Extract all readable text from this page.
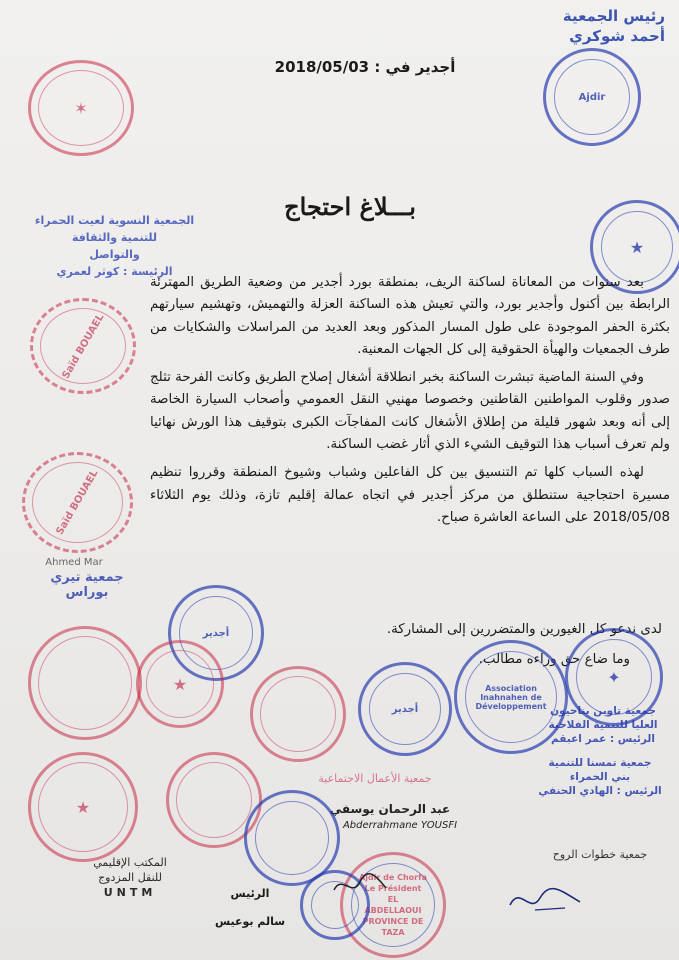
رئيس الجمعية
أحمد شوكري
أجدير في : 2018/05/03
✶
Ajdir
بـــلاغ احتجاج
الجمعية النسوية لعيت الحمراء للتنمية والثقافة
والتواصل
الرئيسة : كوثر لعمري
★
Saïd BOUAEL
Saïd BOUAEL

بعد سنوات من المعاناة لساكنة الريف، بمنطقة بورد أجدير من وضعية الطريق المهترئة الرابطة بين أكنول وأجدير بورد، والتي تعيش هذه الساكنة العزلة والتهميش، وتهشيم سيارتهم بكثرة الحفر الموجودة على طول المسار المذكور وبعد العديد من المراسلات والشكايات من طرف الجمعيات والهيأة الحقوقية إلى كل الجهات المعنية.

وفي السنة الماضية تبشرت الساكنة بخبر انطلاقة أشغال إصلاح الطريق وكانت الفرحة تثلج صدور وقلوب المواطنين القاطنين وخصوصا مهنيي النقل العمومي وأصحاب السيارة الخاصة إلى أنه وبعد شهور قليلة من إطلاق الأشغال كانت المفاجآت الكبرى بتوقيف هذا الورش نهائيا ولم تعرف أسباب هذا التوقيف الشيء الذي أثار غضب الساكنة.

لهذه السباب كلها تم التنسيق بين كل الفاعلين وشباب وشيوخ المنطقة وقرروا تنظيم مسيرة احتجاجية ستنطلق من مركز أجدير في اتجاه عمالة إقليم تازة، وذلك يوم الثلاثاء 2018/05/08 على الساعة العاشرة صباح.

لدى ندعو كل الغيورين والمتضررين إلى المشاركة.
وما ضاع حق وراءه مطالب.
Ahmed Mar
جمعية تيري بوراس
أجدير
★
★
أجدير
Association Inahnahen de Développement
✦
جمعية تاوين بناحيون
العليا للتنمية الفلاحية
الرئيس : عمر اعبقم
جمعية الأعمال الاجتماعية
عبد الرحمان يوسفي
Abderrahmane YOUSFI
جمعية تمسنا للتنمية
بني الحمراء
الرئيس : الهادي الحنفي
جمعية خطوات الروح
Ajdir de Chorfa
Le Président
EL ABDELLAOUI
PROVINCE DE TAZA
المكتب الإقليمي
للنقل المزدوج
UNTM	الرئيس
سالم بوعيس
